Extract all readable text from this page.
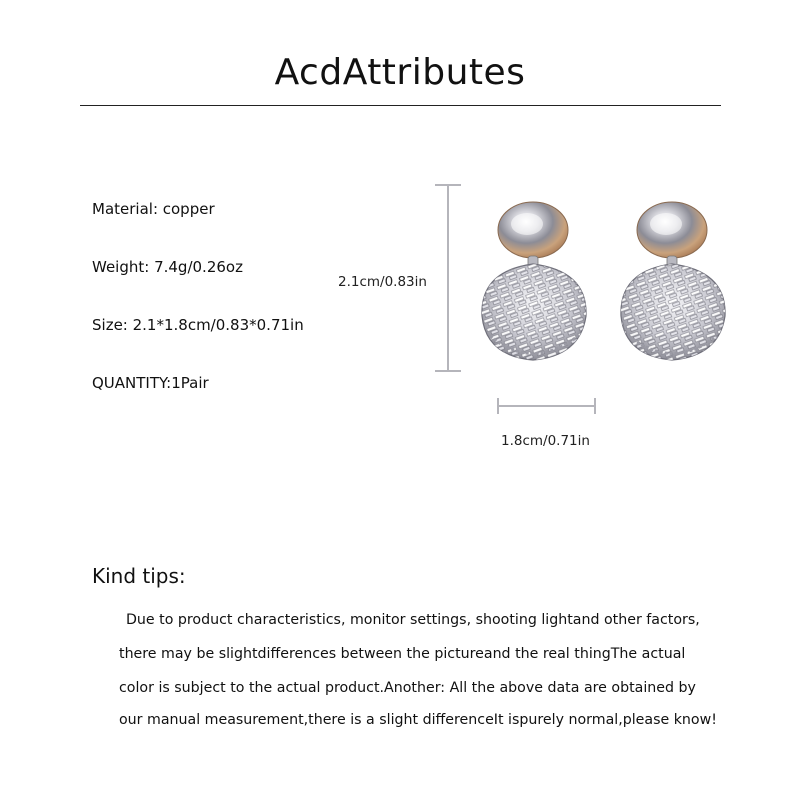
AcdAttributes
Material: copper
Weight: 7.4g/0.26oz
Size: 2.1*1.8cm/0.83*0.71in
QUANTITY:1Pair
2.1cm/0.83in
1.8cm/0.71in
Kind tips:
Due to product characteristics, monitor settings, shooting lightand other factors,
there may be slightdifferences between the pictureand the real thingThe actual
color is subject to the actual product.Another: All the above data are obtained by
our manual measurement,there is a slight differenceIt ispurely normal,please know!
